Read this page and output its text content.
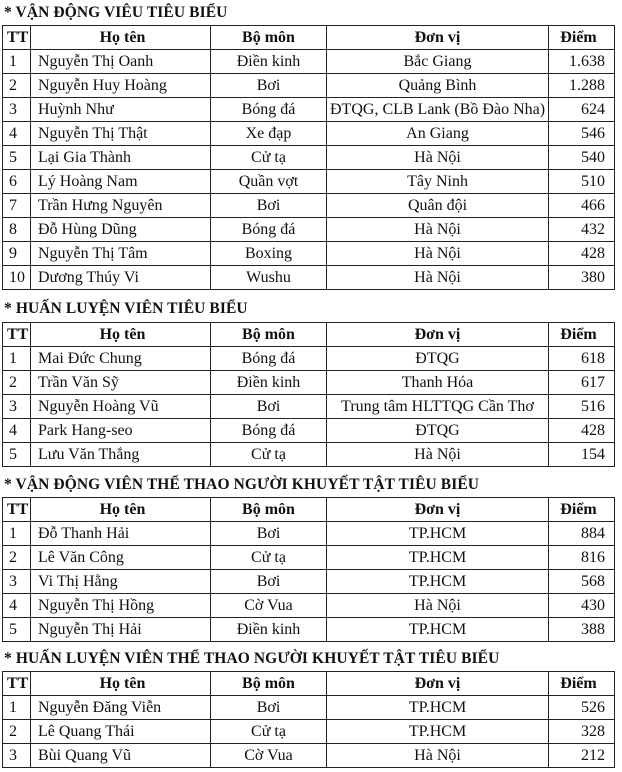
* VẬN ĐỘNG VIÊU TIÊU BIỂU
TT	Họ tên	Bộ môn	Đơn vị	Điểm
1	Nguyễn Thị Oanh	Điền kinh	Bắc Giang	1.638
2	Nguyễn Huy Hoàng	Bơi	Quảng Bình	1.288
3	Huỳnh Như	Bóng đá	ĐTQG, CLB Lank (Bồ Đào Nha)	624
4	Nguyễn Thị Thật	Xe đạp	An Giang	546
5	Lại Gia Thành	Cử tạ	Hà Nội	540
6	Lý Hoàng Nam	Quần vợt	Tây Ninh	510
7	Trần Hưng Nguyên	Bơi	Quân đội	466
8	Đỗ Hùng Dũng	Bóng đá	Hà Nội	432
9	Nguyễn Thị Tâm	Boxing	Hà Nội	428
10	Dương Thúy Vi	Wushu	Hà Nội	380
* HUẤN LUYỆN VIÊN TIÊU BIỂU
TT	Họ tên	Bộ môn	Đơn vị	Điểm
1	Mai Đức Chung	Bóng đá	ĐTQG	618
2	Trần Văn Sỹ	Điền kinh	Thanh Hóa	617
3	Nguyễn Hoàng Vũ	Bơi	Trung tâm HLTTQG Cần Thơ	516
4	Park Hang-seo	Bóng đá	ĐTQG	428
5	Lưu Văn Thắng	Cử tạ	Hà Nội	154
* VẬN ĐỘNG VIÊN THỂ THAO NGƯỜI KHUYẾT TẬT TIÊU BIỂU
TT	Họ tên	Bộ môn	Đơn vị	Điểm
1	Đỗ Thanh Hải	Bơi	TP.HCM	884
2	Lê Văn Công	Cử tạ	TP.HCM	816
3	Vi Thị Hằng	Bơi	TP.HCM	568
4	Nguyễn Thị Hồng	Cờ Vua	Hà Nội	430
5	Nguyễn Thị Hải	Điền kinh	TP.HCM	388
* HUẤN LUYỆN VIÊN THỂ THAO NGƯỜI KHUYẾT TẬT TIÊU BIỂU
TT	Họ tên	Bộ môn	Đơn vị	Điểm
1	Nguyễn Đăng Viễn	Bơi	TP.HCM	526
2	Lê Quang Thái	Cử tạ	TP.HCM	328
3	Bùi Quang Vũ	Cờ Vua	Hà Nội	212
